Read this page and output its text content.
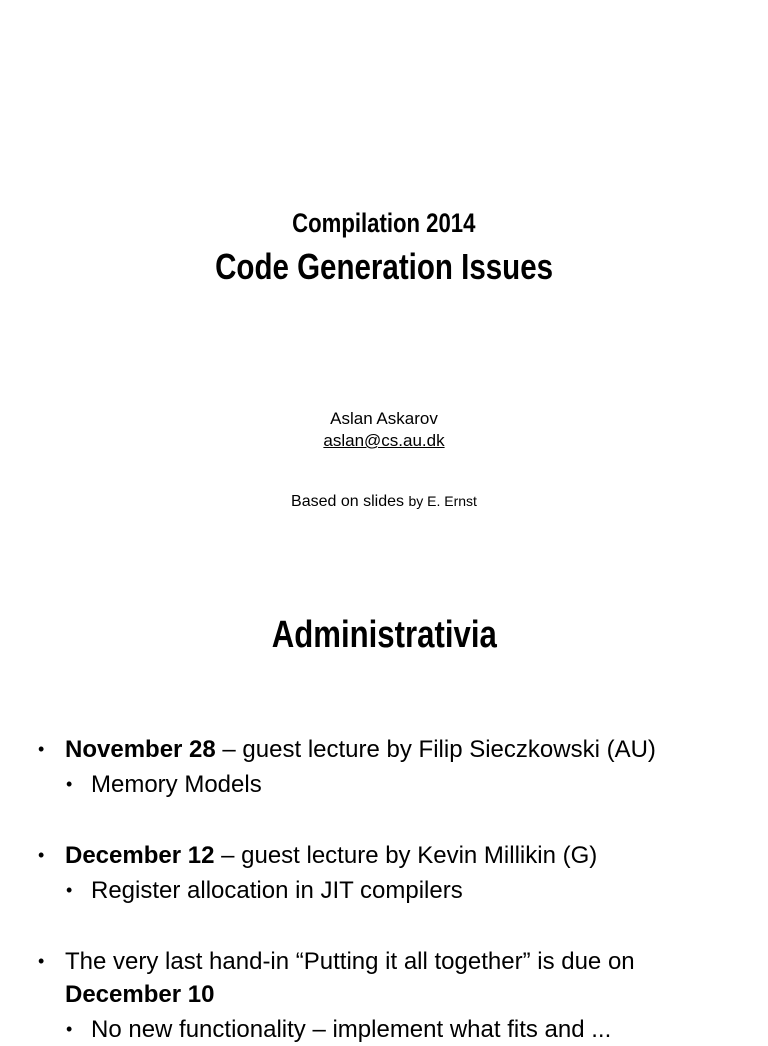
Compilation 2014
Code Generation Issues
Aslan Askarov
aslan@cs.au.dk
Based on slides by E. Ernst
Administrativia
• November 28 – guest lecture by Filip Sieczkowski (AU)
• Memory Models
• December 12 – guest lecture by Kevin Millikin (G)
• Register allocation in JIT compilers
• The very last hand-in “Putting it all together” is due on
December 10
• No new functionality – implement what fits and ...
